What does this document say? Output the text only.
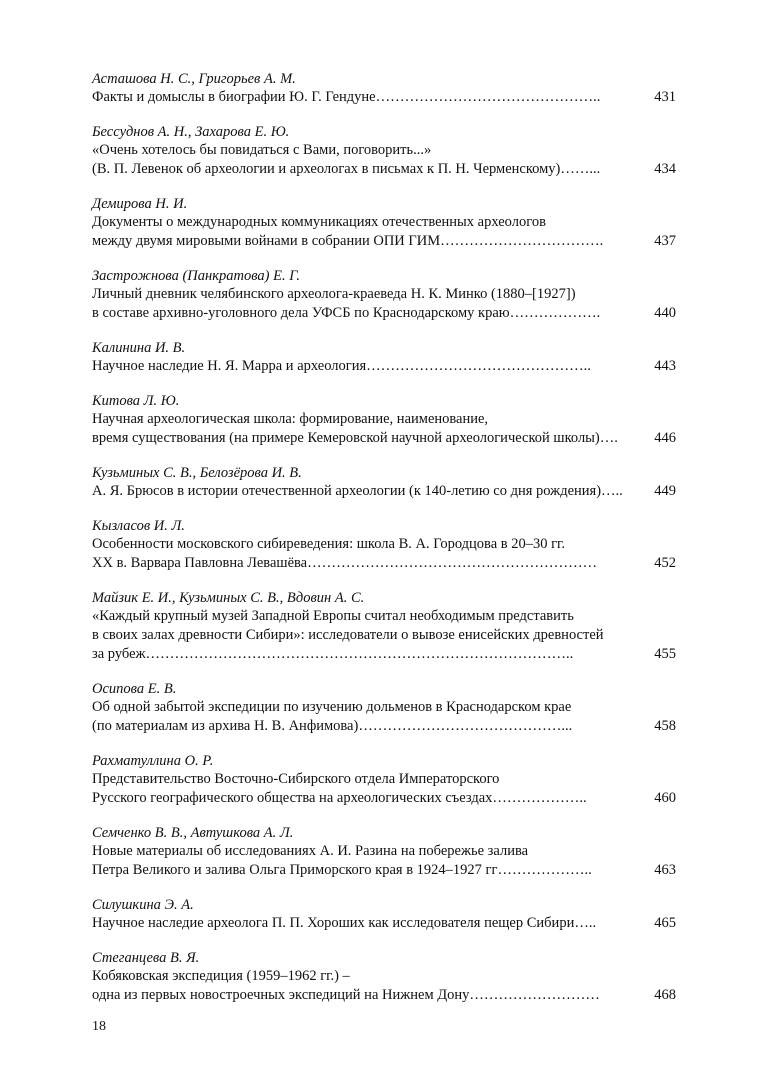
Асташова Н. С., Григорьев А. М.
Факты и домыслы в биографии Ю. Г. Гендуне………………………………………..	431
Бессуднов А. Н., Захарова Е. Ю.
«Очень хотелось бы повидаться с Вами, поговорить...»
(В. П. Левенок об археологии и археологах в письмах к П. Н. Черменскому)……...	434
Демирова Н. И.
Документы о международных коммуникациях отечественных археологов
между двумя мировыми войнами в собрании ОПИ ГИМ…………………………….	437
Застрожнова (Панкратова) Е. Г.
Личный дневник челябинского археолога-краеведа Н. К. Минко (1880–[1927])
в составе архивно-уголовного дела УФСБ по Краснодарскому краю……………….	440
Калинина И. В.
Научное наследие Н. Я. Марра и археология………………………………………..	443
Китова Л. Ю.
Научная археологическая школа: формирование, наименование,
время существования (на примере Кемеровской научной археологической школы)….	446
Кузьминых С. В., Белозёрова И. В.
А. Я. Брюсов в истории отечественной археологии (к 140-летию со дня рождения)…..	449
Кызласов И. Л.
Особенности московского сибиреведения: школа В. А. Городцова в 20–30 гг.
XX в. Варвара Павловна Левашёва……………………………………………………	452
Майзик Е. И., Кузьминых С. В., Вдовин А. С.
«Каждый крупный музей Западной Европы считал необходимым представить
в своих залах древности Сибири»: исследователи о вывозе енисейских древностей
за рубеж……………………………………………………………………………..	455
Осипова Е. В.
Об одной забытой экспедиции по изучению дольменов в Краснодарском крае
(по материалам из архива Н. В. Анфимова)……………………………………...	458
Рахматуллина О. Р.
Представительство Восточно-Сибирского отдела Императорского
Русского географического общества на археологических съездах………………..	460
Семченко В. В., Автушкова А. Л.
Новые материалы об исследованиях А. И. Разина на побережье залива
Петра Великого и залива Ольга Приморского края в 1924–1927 гг………………..	463
Силушкина Э. А.
Научное наследие археолога П. П. Хороших как исследователя пещер Сибири…..	465
Стеганцева В. Я.
Кобяковская экспедиция (1959–1962 гг.) –
одна из первых новостроечных экспедиций на Нижнем Дону………………………	468
18
